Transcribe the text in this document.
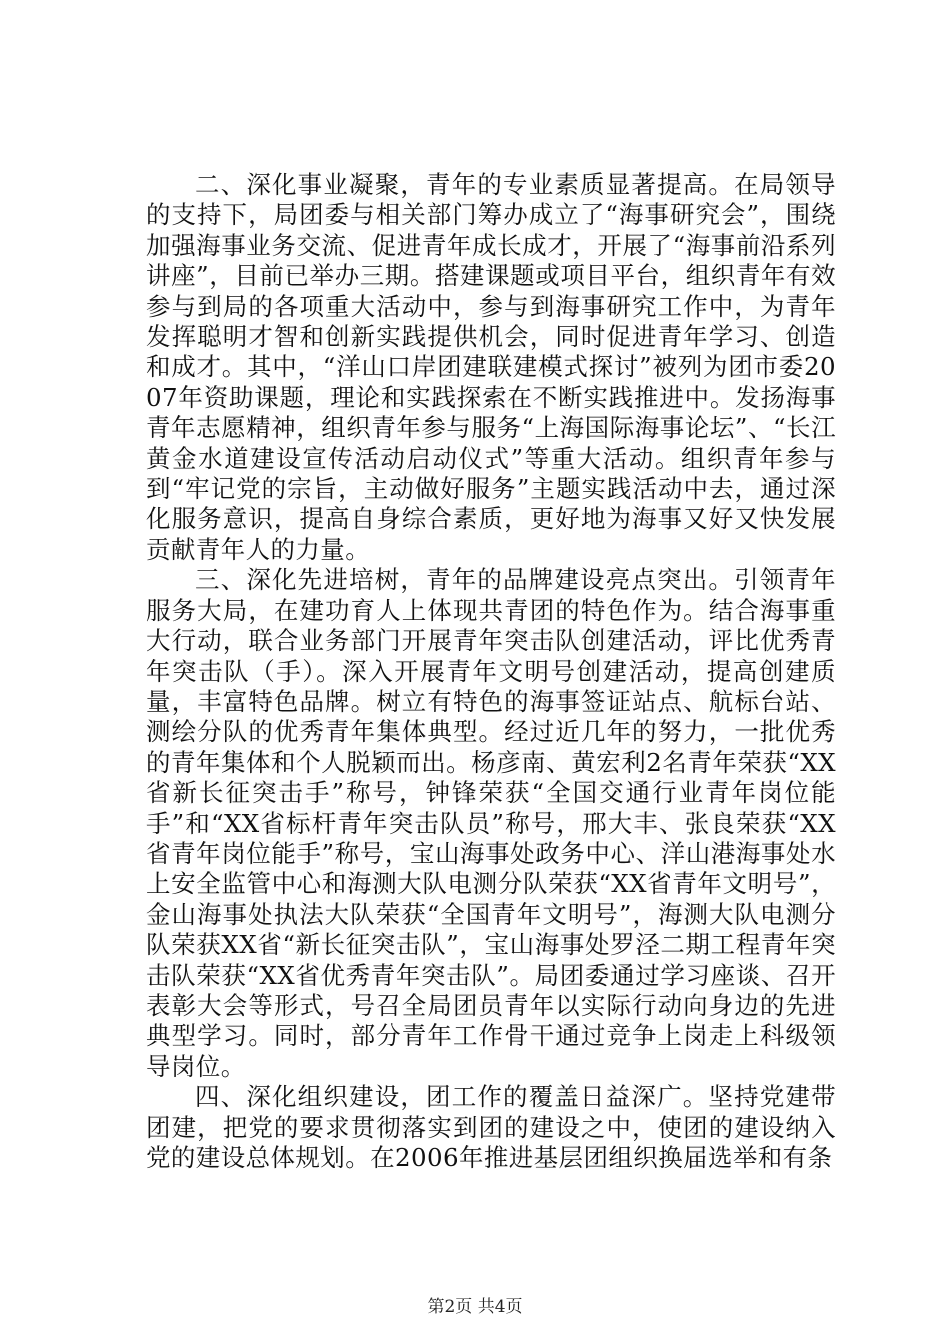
二、深化事业凝聚，青年的专业素质显著提高。在局领导的支持下，局团委与相关部门筹办成立了“海事研究会”，围绕加强海事业务交流、促进青年成长成才，开展了“海事前沿系列讲座”，目前已举办三期。搭建课题或项目平台，组织青年有效参与到局的各项重大活动中，参与到海事研究工作中，为青年发挥聪明才智和创新实践提供机会，同时促进青年学习、创造和成才。其中，“洋山口岸团建联建模式探讨”被列为团市委2007年资助课题，理论和实践探索在不断实践推进中。发扬海事青年志愿精神，组织青年参与服务“上海国际海事论坛”、“长江黄金水道建设宣传活动启动仪式”等重大活动。组织青年参与到“牢记党的宗旨，主动做好服务”主题实践活动中去，通过深化服务意识，提高自身综合素质，更好地为海事又好又快发展贡献青年人的力量。

三、深化先进培树，青年的品牌建设亮点突出。引领青年服务大局，在建功育人上体现共青团的特色作为。结合海事重大行动，联合业务部门开展青年突击队创建活动，评比优秀青年突击队（手）。深入开展青年文明号创建活动，提高创建质量，丰富特色品牌。树立有特色的海事签证站点、航标台站、测绘分队的优秀青年集体典型。经过近几年的努力，一批优秀的青年集体和个人脱颖而出。杨彦南、黄宏利2名青年荣获“XX省新长征突击手”称号，钟锋荣获“全国交通行业青年岗位能手”和“XX省标杆青年突击队员”称号，邢大丰、张良荣获“XX省青年岗位能手”称号，宝山海事处政务中心、洋山港海事处水上安全监管中心和海测大队电测分队荣获“XX省青年文明号”，金山海事处执法大队荣获“全国青年文明号”，海测大队电测分队荣获XX省“新长征突击队”，宝山海事处罗泾二期工程青年突击队荣获“XX省优秀青年突击队”。局团委通过学习座谈、召开表彰大会等形式，号召全局团员青年以实际行动向身边的先进典型学习。同时，部分青年工作骨干通过竞争上岗走上科级领导岗位。

四、深化组织建设，团工作的覆盖日益深广。坚持党建带团建，把党的要求贯彻落实到团的建设之中，使团的建设纳入党的建设总体规划。在2006年推进基层团组织换届选举和有条

第2页 共4页
